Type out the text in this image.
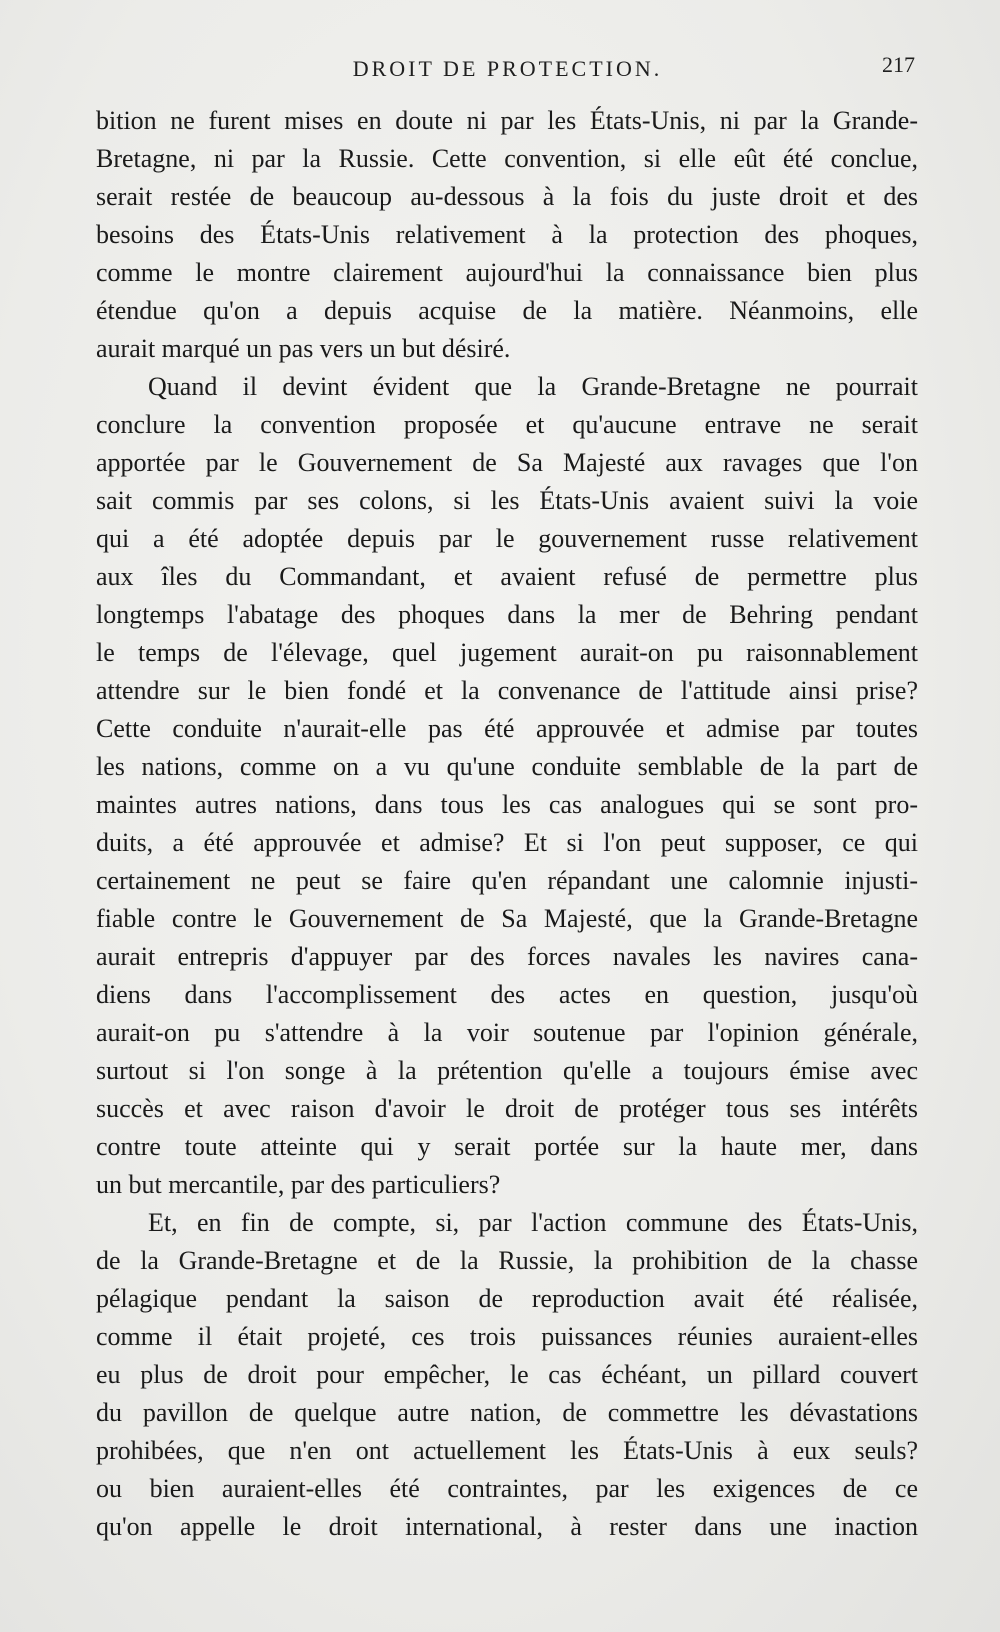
DROIT DE PROTECTION.	217
bition ne furent mises en doute ni par les États-Unis, ni par la Grande-
Bretagne, ni par la Russie. Cette convention, si elle eût été conclue,
serait restée de beaucoup au-dessous à la fois du juste droit et des
besoins des États-Unis relativement à la protection des phoques,
comme le montre clairement aujourd'hui la connaissance bien plus
étendue qu'on a depuis acquise de la matière. Néanmoins, elle
aurait marqué un pas vers un but désiré.
Quand il devint évident que la Grande-Bretagne ne pourrait
conclure la convention proposée et qu'aucune entrave ne serait
apportée par le Gouvernement de Sa Majesté aux ravages que l'on
sait commis par ses colons, si les États-Unis avaient suivi la voie
qui a été adoptée depuis par le gouvernement russe relativement
aux îles du Commandant, et avaient refusé de permettre plus
longtemps l'abatage des phoques dans la mer de Behring pendant
le temps de l'élevage, quel jugement aurait-on pu raisonnablement
attendre sur le bien fondé et la convenance de l'attitude ainsi prise?
Cette conduite n'aurait-elle pas été approuvée et admise par toutes
les nations, comme on a vu qu'une conduite semblable de la part de
maintes autres nations, dans tous les cas analogues qui se sont pro-
duits, a été approuvée et admise? Et si l'on peut supposer, ce qui
certainement ne peut se faire qu'en répandant une calomnie injusti-
fiable contre le Gouvernement de Sa Majesté, que la Grande-Bretagne
aurait entrepris d'appuyer par des forces navales les navires cana-
diens dans l'accomplissement des actes en question, jusqu'où
aurait-on pu s'attendre à la voir soutenue par l'opinion générale,
surtout si l'on songe à la prétention qu'elle a toujours émise avec
succès et avec raison d'avoir le droit de protéger tous ses intérêts
contre toute atteinte qui y serait portée sur la haute mer, dans
un but mercantile, par des particuliers?
Et, en fin de compte, si, par l'action commune des États-Unis,
de la Grande-Bretagne et de la Russie, la prohibition de la chasse
pélagique pendant la saison de reproduction avait été réalisée,
comme il était projeté, ces trois puissances réunies auraient-elles
eu plus de droit pour empêcher, le cas échéant, un pillard couvert
du pavillon de quelque autre nation, de commettre les dévastations
prohibées, que n'en ont actuellement les États-Unis à eux seuls?
ou bien auraient-elles été contraintes, par les exigences de ce
qu'on appelle le droit international, à rester dans une inaction
